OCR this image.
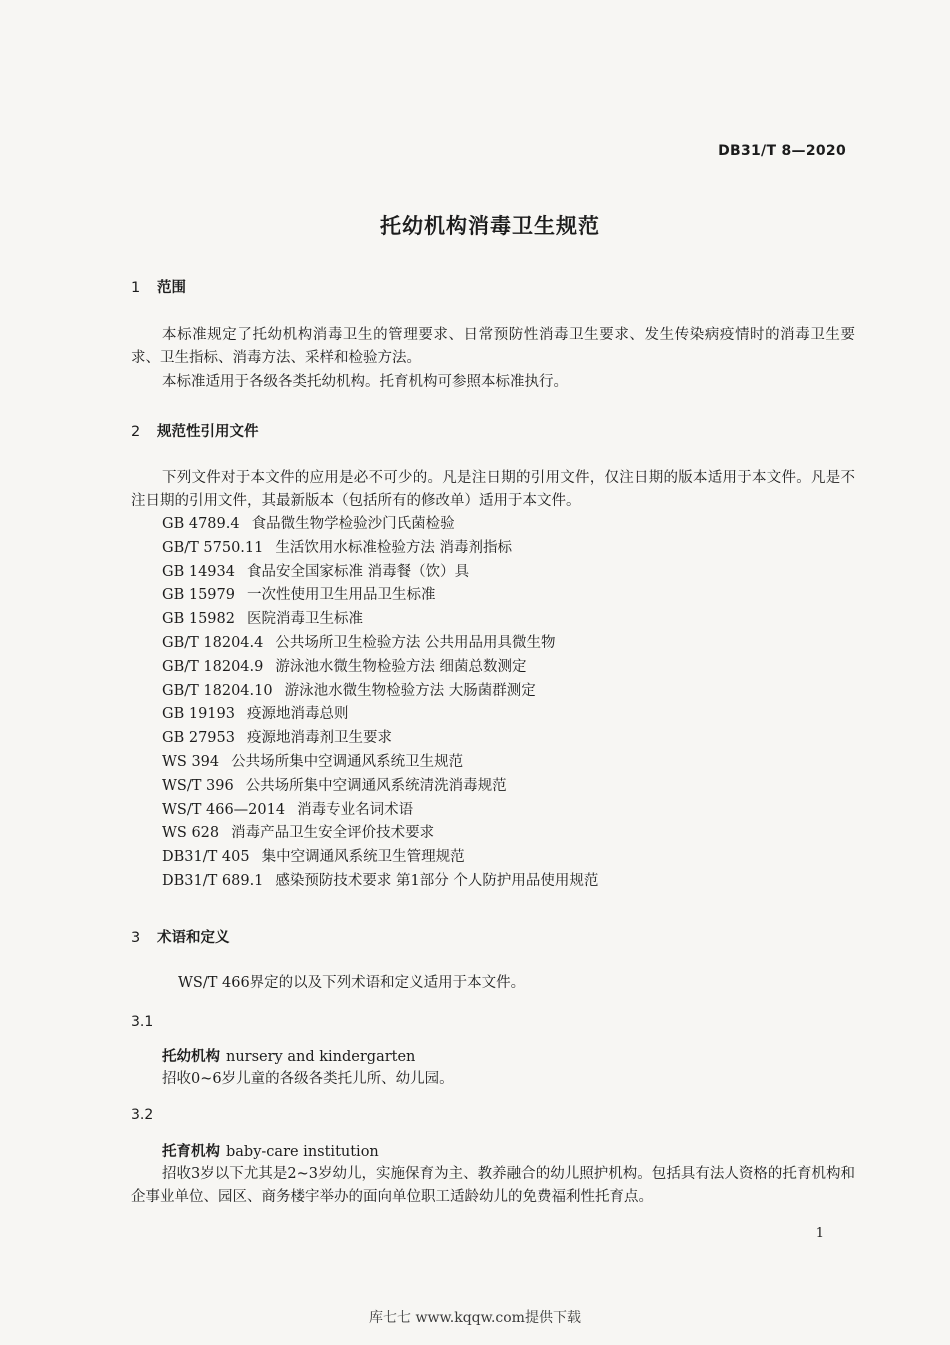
DB31/T 8—2020
托幼机构消毒卫生规范
1 范围
本标准规定了托幼机构消毒卫生的管理要求、日常预防性消毒卫生要求、发生传染病疫情时的消毒卫生要求、卫生指标、消毒方法、采样和检验方法。
本标准适用于各级各类托幼机构。托育机构可参照本标准执行。
2 规范性引用文件
下列文件对于本文件的应用是必不可少的。凡是注日期的引用文件，仅注日期的版本适用于本文件。凡是不注日期的引用文件，其最新版本（包括所有的修改单）适用于本文件。
GB 4789.4 食品微生物学检验沙门氏菌检验
GB/T 5750.11 生活饮用水标准检验方法 消毒剂指标
GB 14934 食品安全国家标准 消毒餐（饮）具
GB 15979 一次性使用卫生用品卫生标准
GB 15982 医院消毒卫生标准
GB/T 18204.4 公共场所卫生检验方法 公共用品用具微生物
GB/T 18204.9 游泳池水微生物检验方法 细菌总数测定
GB/T 18204.10 游泳池水微生物检验方法 大肠菌群测定
GB 19193 疫源地消毒总则
GB 27953 疫源地消毒剂卫生要求
WS 394 公共场所集中空调通风系统卫生规范
WS/T 396 公共场所集中空调通风系统清洗消毒规范
WS/T 466—2014 消毒专业名词术语
WS 628 消毒产品卫生安全评价技术要求
DB31/T 405 集中空调通风系统卫生管理规范
DB31/T 689.1 感染预防技术要求 第1部分 个人防护用品使用规范
3 术语和定义
WS/T 466界定的以及下列术语和定义适用于本文件。
3.1
托幼机构 nursery and kindergarten
招收0~6岁儿童的各级各类托儿所、幼儿园。
3.2
托育机构 baby-care institution
招收3岁以下尤其是2~3岁幼儿，实施保育为主、教养融合的幼儿照护机构。包括具有法人资格的托育机构和企事业单位、园区、商务楼宇举办的面向单位职工适龄幼儿的免费福利性托育点。
1
库七七 www.kqqw.com提供下载
